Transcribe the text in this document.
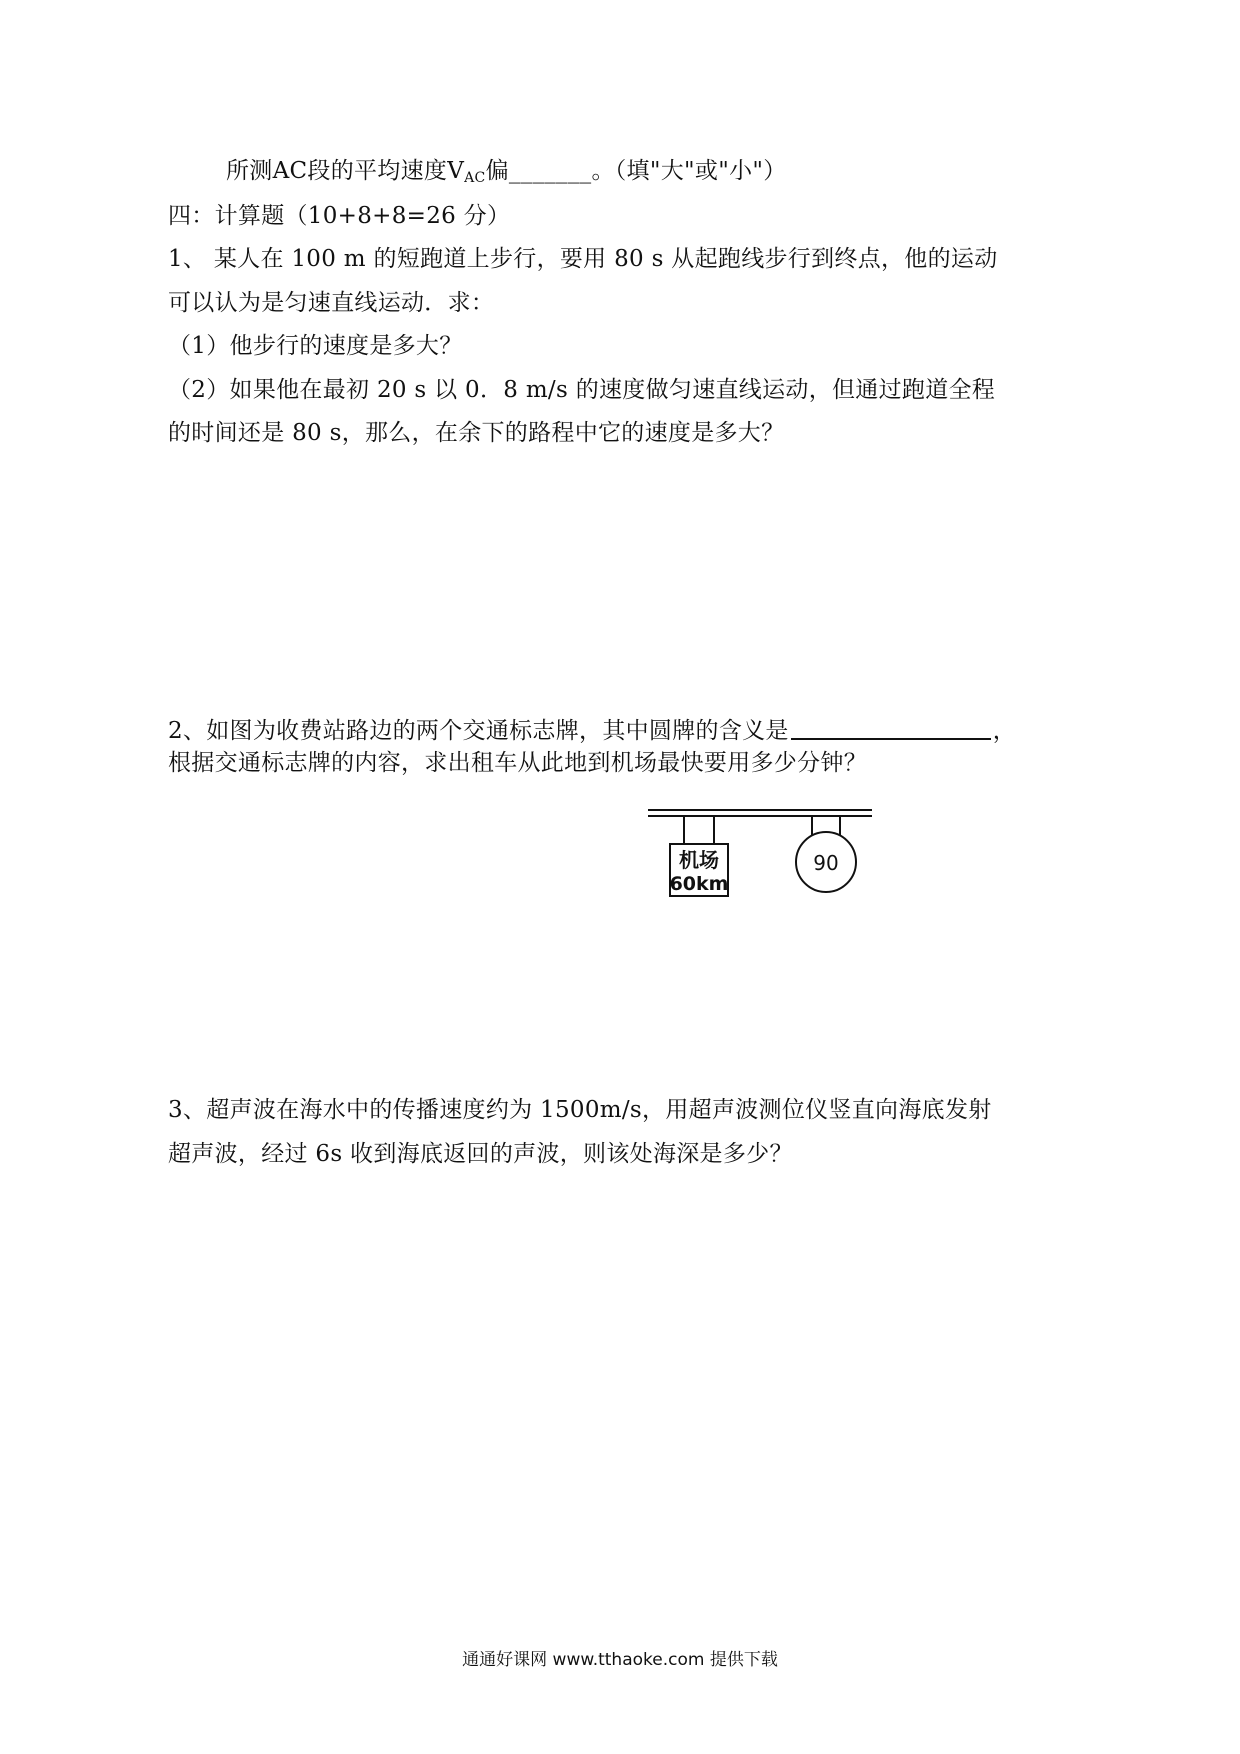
所测AC段的平均速度$V_{AC}$偏_______。（填"大"或"小"）
四：计算题（10+8+8=26 分）
1、 某人在 100 m 的短跑道上步行，要用 80 s 从起跑线步行到终点，他的运动
可以认为是匀速直线运动．求：
（1）他步行的速度是多大？
（2）如果他在最初 20 s 以 0．8 m/s 的速度做匀速直线运动，但通过跑道全程
的时间还是 80 s，那么，在余下的路程中它的速度是多大？
2、如图为收费站路边的两个交通标志牌，其中圆牌的含义是	，
根据交通标志牌的内容，求出租车从此地到机场最快要用多少分钟？
机场
60km
90
3、超声波在海水中的传播速度约为 1500m/s，用超声波测位仪竖直向海底发射
超声波，经过 6s 收到海底返回的声波，则该处海深是多少？
通通好课网 www.tthaoke.com 提供下载
